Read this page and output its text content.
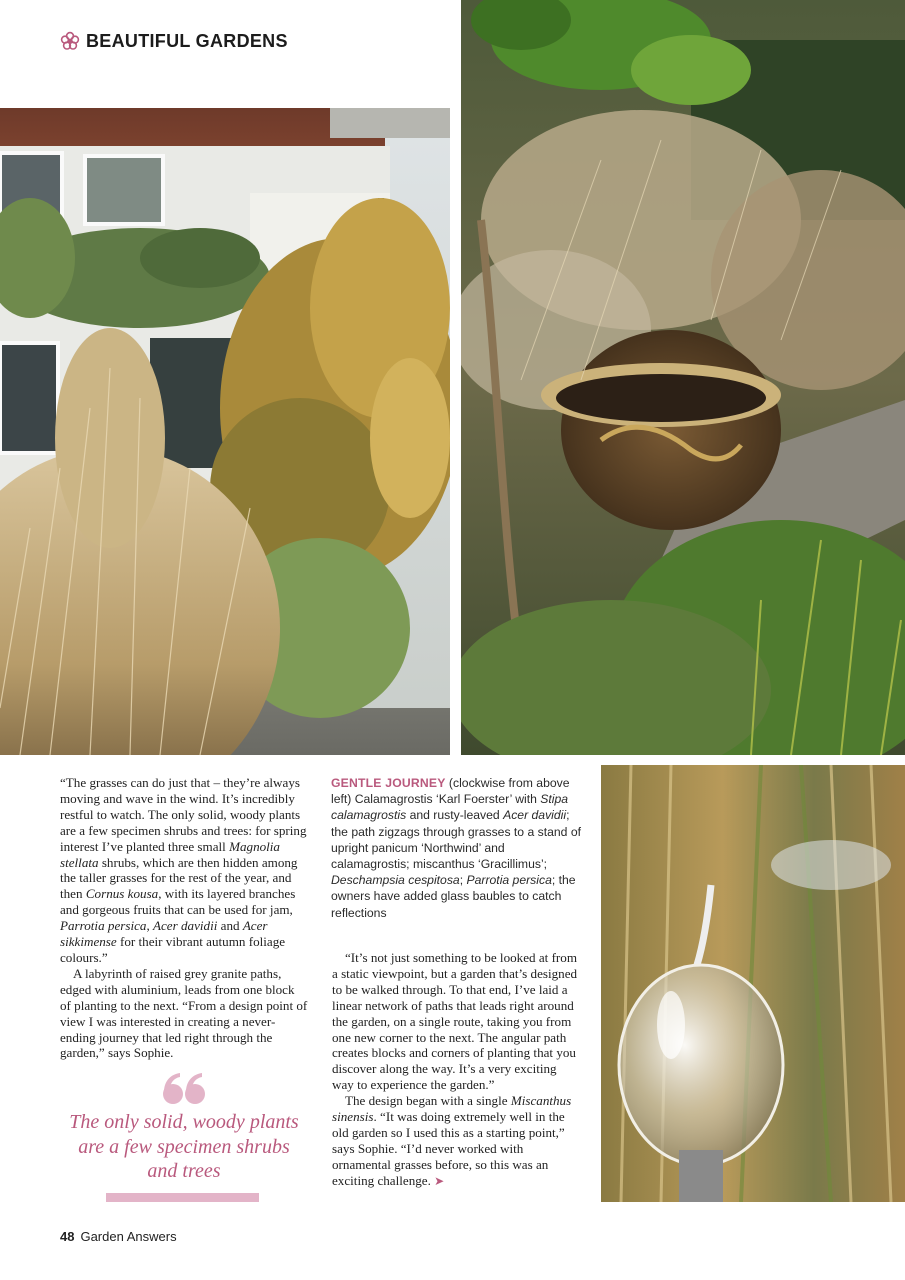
BEAUTIFUL GARDENS

“The grasses can do just that – they’re always moving and wave in the wind. It’s incredibly restful to watch. The only solid, woody plants are a few specimen shrubs and trees: for spring interest I’ve planted three small Magnolia stellata shrubs, which are then hidden among the taller grasses for the rest of the year, and then Cornus kousa, with its layered branches and gorgeous fruits that can be used for jam, Parrotia persica, Acer davidii and Acer sikkimense for their vibrant autumn foliage colours.”

A labyrinth of raised grey granite paths, edged with aluminium, leads from one block of planting to the next. “From a design point of view I was interested in creating a never-ending journey that led right through the garden,” says Sophie.

GENTLE JOURNEY (clockwise from above left) Calamagrostis ‘Karl Foerster’ with Stipa calamagrostis and rusty-leaved Acer davidii; the path zigzags through grasses to a stand of upright panicum ‘Northwind’ and calamagrostis; miscanthus ‘Gracillimus’; Deschampsia cespitosa; Parrotia persica; the owners have added glass baubles to catch reflections

“It’s not just something to be looked at from a static viewpoint, but a garden that’s designed to be walked through. To that end, I’ve laid a linear network of paths that leads right around the garden, on a single route, taking you from one new corner to the next. The angular path creates blocks and corners of planting that you discover along the way. It’s a very exciting way to experience the garden.”

The design began with a single Miscanthus sinensis. “It was doing extremely well in the old garden so I used this as a starting point,” says Sophie. “I’d never worked with ornamental grasses before, so this was an exciting challenge. ➤

The only solid, woody plants are a few specimen shrubs and trees
48 Garden Answers
